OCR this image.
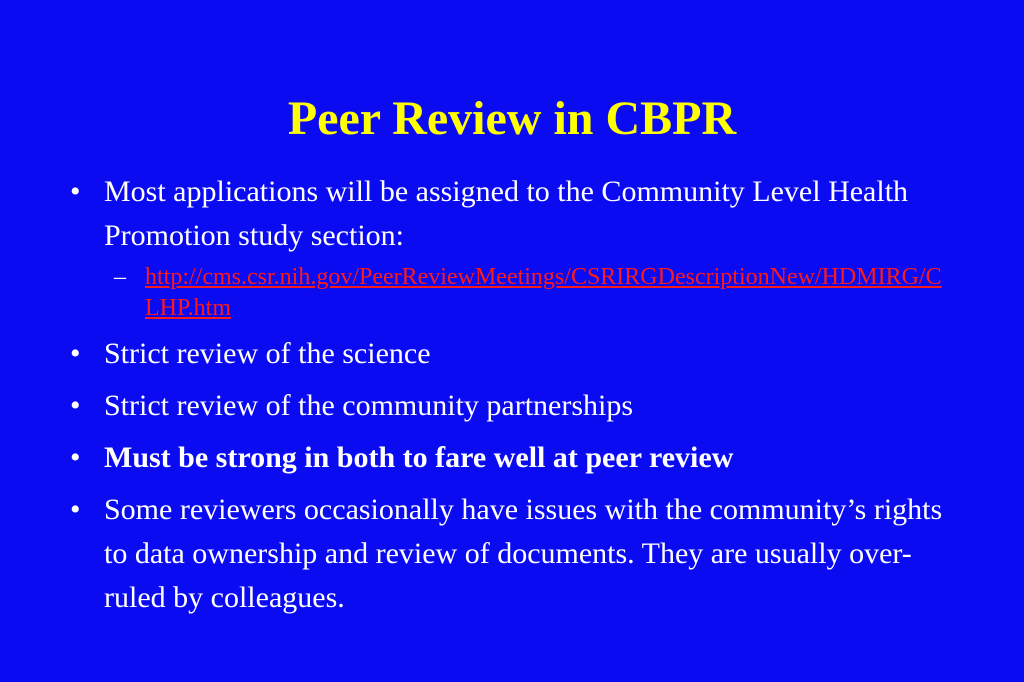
Peer Review in CBPR
• Most applications will be assigned to the Community Level Health Promotion study section:
– http://cms.csr.nih.gov/PeerReviewMeetings/CSRIRGDescriptionNew/HDMIRG/CLHP.htm
• Strict review of the science
• Strict review of the community partnerships
• Must be strong in both to fare well at peer review
• Some reviewers occasionally have issues with the community’s rights to data ownership and review of documents. They are usually over-ruled by colleagues.
